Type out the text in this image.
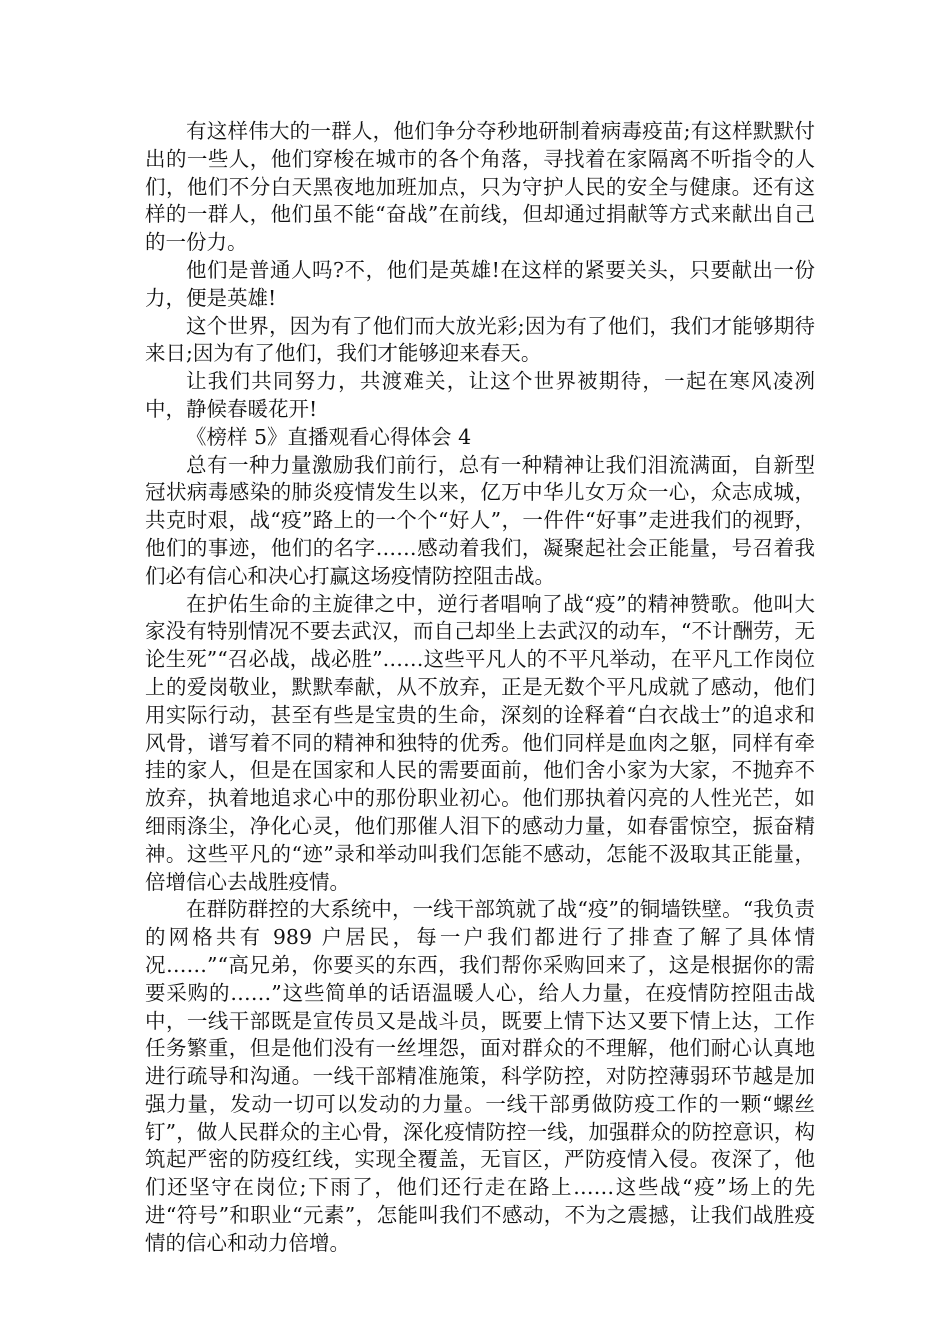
有这样伟大的一群人，他们争分夺秒地研制着病毒疫苗;有这样默默付出的一些人，他们穿梭在城市的各个角落，寻找着在家隔离不听指令的人们，他们不分白天黑夜地加班加点，只为守护人民的安全与健康。还有这样的一群人，他们虽不能“奋战”在前线，但却通过捐献等方式来献出自己的一份力。

他们是普通人吗?不，他们是英雄!在这样的紧要关头，只要献出一份力，便是英雄!

这个世界，因为有了他们而大放光彩;因为有了他们，我们才能够期待来日;因为有了他们，我们才能够迎来春天。

让我们共同努力，共渡难关，让这个世界被期待，一起在寒风凌冽中，静候春暖花开!

《榜样 5》直播观看心得体会 4

总有一种力量激励我们前行，总有一种精神让我们泪流满面，自新型冠状病毒感染的肺炎疫情发生以来，亿万中华儿女万众一心，众志成城，共克时艰，战“疫”路上的一个个“好人”，一件件“好事”走进我们的视野，他们的事迹，他们的名字……感动着我们，凝聚起社会正能量，号召着我们必有信心和决心打赢这场疫情防控阻击战。

在护佑生命的主旋律之中，逆行者唱响了战“疫”的精神赞歌。他叫大家没有特别情况不要去武汉，而自己却坐上去武汉的动车，“不计酬劳，无论生死”“召必战，战必胜”……这些平凡人的不平凡举动，在平凡工作岗位上的爱岗敬业，默默奉献，从不放弃，正是无数个平凡成就了感动，他们用实际行动，甚至有些是宝贵的生命，深刻的诠释着“白衣战士”的追求和风骨，谱写着不同的精神和独特的优秀。他们同样是血肉之躯，同样有牵挂的家人，但是在国家和人民的需要面前，他们舍小家为大家，不抛弃不放弃，执着地追求心中的那份职业初心。他们那执着闪亮的人性光芒，如细雨涤尘，净化心灵，他们那催人泪下的感动力量，如春雷惊空，振奋精神。这些平凡的“迹”录和举动叫我们怎能不感动，怎能不汲取其正能量，倍增信心去战胜疫情。

在群防群控的大系统中，一线干部筑就了战“疫”的铜墙铁壁。“我负责的网格共有 989 户居民，每一户我们都进行了排查了解了具体情况……”“高兄弟，你要买的东西，我们帮你采购回来了，这是根据你的需要采购的……”这些简单的话语温暖人心，给人力量，在疫情防控阻击战中，一线干部既是宣传员又是战斗员，既要上情下达又要下情上达，工作任务繁重，但是他们没有一丝埋怨，面对群众的不理解，他们耐心认真地进行疏导和沟通。一线干部精准施策，科学防控，对防控薄弱环节越是加强力量，发动一切可以发动的力量。一线干部勇做防疫工作的一颗“螺丝钉”，做人民群众的主心骨，深化疫情防控一线，加强群众的防控意识，构筑起严密的防疫红线，实现全覆盖，无盲区，严防疫情入侵。夜深了，他们还坚守在岗位;下雨了，他们还行走在路上……这些战“疫”场上的先进“符号”和职业“元素”，怎能叫我们不感动，不为之震撼，让我们战胜疫情的信心和动力倍增。
